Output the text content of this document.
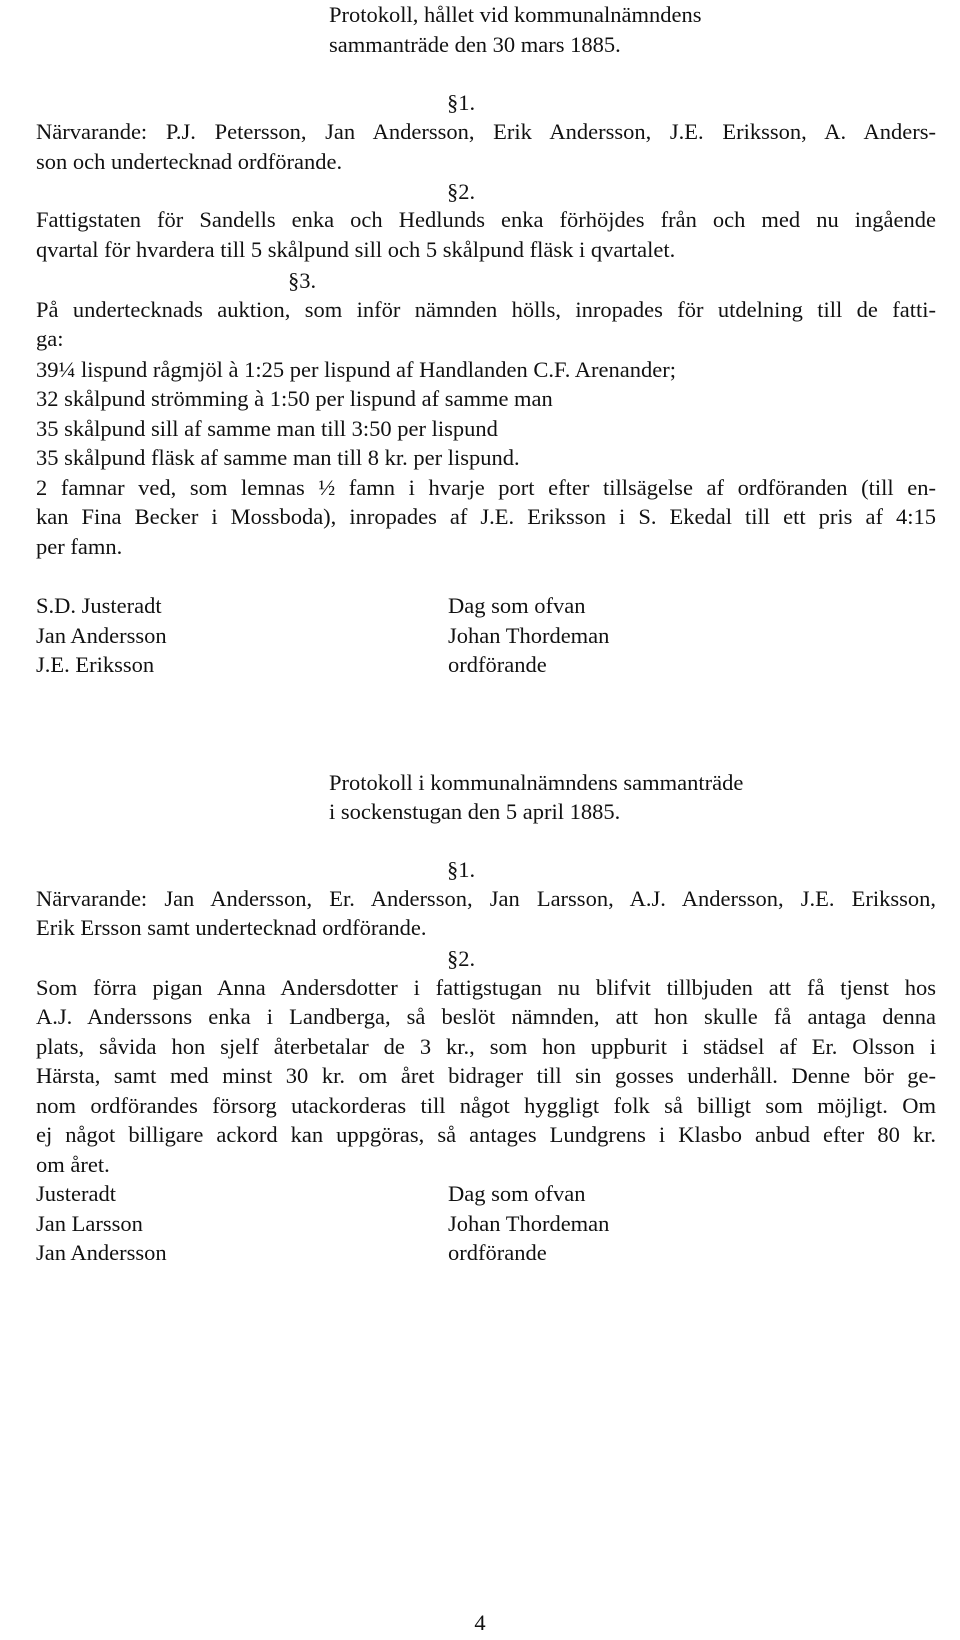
Protokoll, hållet vid kommunalnämndens
sammanträde den 30 mars 1885.
§1.
Närvarande: P.J. Petersson, Jan Andersson, Erik Andersson, J.E. Eriksson, A. Anders-
son och undertecknad ordförande.
§2.
Fattigstaten för Sandells enka och Hedlunds enka förhöjdes från och med nu ingående
qvartal för hvardera till 5 skålpund sill och 5 skålpund fläsk i qvartalet.
§3.
På undertecknads auktion, som inför nämnden hölls, inropades för utdelning till de fatti-
ga:
39¼ lispund rågmjöl à 1:25 per lispund af Handlanden C.F. Arenander;
32 skålpund strömming à 1:50 per lispund af samme man
35 skålpund sill af samme man till 3:50 per lispund
35 skålpund fläsk af samme man till 8 kr. per lispund.
2 famnar ved, som lemnas ½ famn i hvarje port efter tillsägelse af ordföranden (till en-
kan Fina Becker i Mossboda), inropades af J.E. Eriksson i S. Ekedal till ett pris af 4:15
per famn.
S.D. Justeradt
Jan Andersson
J.E. Eriksson
Dag som ofvan
Johan Thordeman
ordförande
Protokoll i kommunalnämndens sammanträde
i sockenstugan den 5 april 1885.
§1.
Närvarande: Jan Andersson, Er. Andersson, Jan Larsson, A.J. Andersson, J.E. Eriksson,
Erik Ersson samt undertecknad ordförande.
§2.
Som förra pigan Anna Andersdotter i fattigstugan nu blifvit tillbjuden att få tjenst hos
A.J. Anderssons enka i Landberga, så beslöt nämnden, att hon skulle få antaga denna
plats, såvida hon sjelf återbetalar de 3 kr., som hon uppburit i städsel af Er. Olsson i
Härsta, samt med minst 30 kr. om året bidrager till sin gosses underhåll. Denne bör ge-
nom ordförandes försorg utackorderas till något hyggligt folk så billigt som möjligt. Om
ej något billigare ackord kan uppgöras, så antages Lundgrens i Klasbo anbud efter 80 kr.
om året.
Justeradt
Jan Larsson
Jan Andersson
Dag som ofvan
Johan Thordeman
ordförande
4
